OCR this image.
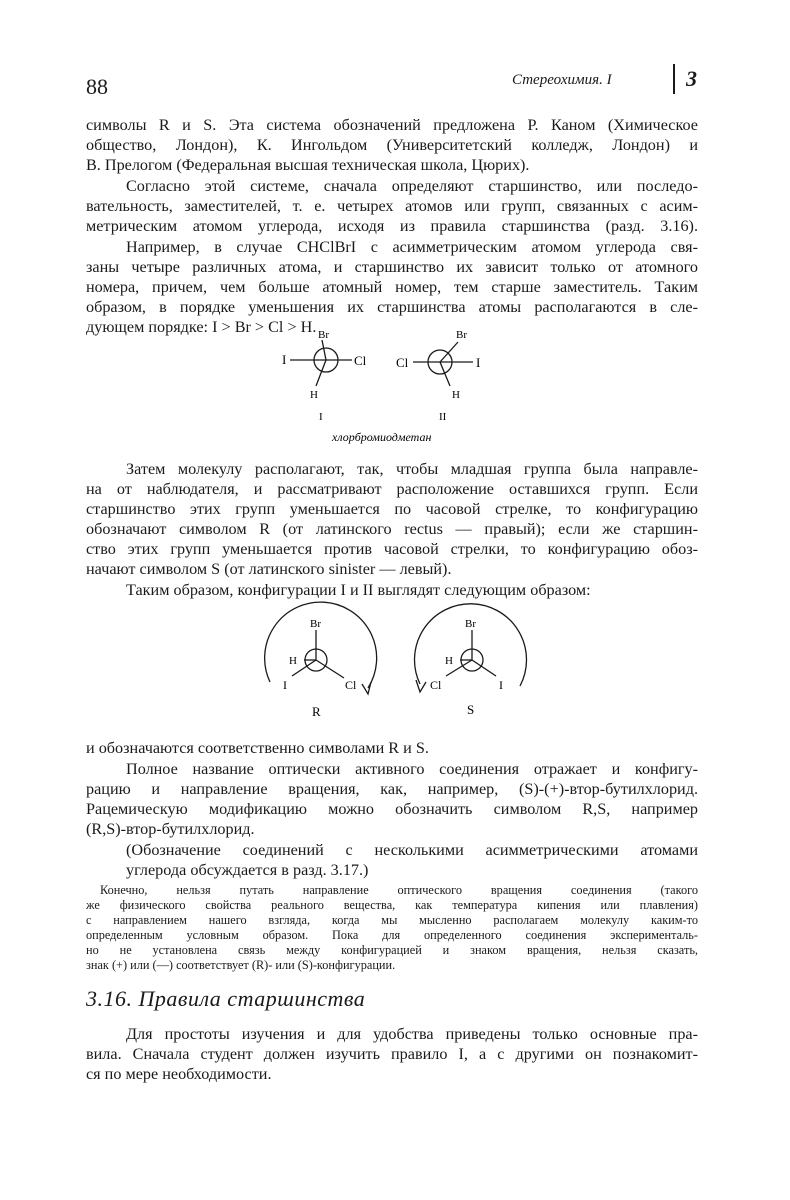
88	Стереохимия. I	3
символы R и S. Эта система обозначений предложена Р. Каном (Химическое
общество, Лондон), К. Ингольдом (Университетский колледж, Лондон) и
В. Прелогом (Федеральная высшая техническая школа, Цюрих).
Согласно этой системе, сначала определяют старшинство, или последо-
вательность, заместителей, т. е. четырех атомов или групп, связанных с асим-
метрическим атомом углерода, исходя из правила старшинства (разд. 3.16).
Например, в случае CHClBrI с асимметрическим атомом углерода свя-
заны четыре различных атома, и старшинство их зависит только от атомного
номера, причем, чем больше атомный номер, тем старше заместитель. Таким
образом, в порядке уменьшения их старшинства атомы располагаются в сле-
дующем порядке: I > Br > Cl > H. Br
I	Cl
H
I
Br
Cl	I
H
II
хлорбромиодметан
Затем молекулу располагают, так, чтобы младшая группа была направле-
на от наблюдателя, и рассматривают расположение оставшихся групп. Если
старшинство этих групп уменьшается по часовой стрелке, то конфигурацию
обозначают символом R (от латинского rectus — правый); если же старшин-
ство этих групп уменьшается против часовой стрелки, то конфигурацию обоз-
начают символом S (от латинского sinister — левый).
Таким образом, конфигурации I и II выглядят следующим образом:
Br
H
I	Cl
R
Br
H
Cl	I
S
и обозначаются соответственно символами R и S.
Полное название оптически активного соединения отражает и конфигу-
рацию и направление вращения, как, например, (S)-(+)-втор-бутилхлорид.
Рацемическую модификацию можно обозначить символом R,S, например
(R,S)-втор-бутилхлорид.
(Обозначение соединений с несколькими асимметрическими атомами
углерода обсуждается в разд. 3.17.)
Конечно, нельзя путать направление оптического вращения соединения (такого
же физического свойства реального вещества, как температура кипения или плавления)
с направлением нашего взгляда, когда мы мысленно располагаем молекулу каким-то
определенным условным образом. Пока для определенного соединения эксперименталь-
но не установлена связь между конфигурацией и знаком вращения, нельзя сказать,
знак (+) или (—) соответствует (R)- или (S)-конфигурации.
3.16. Правила старшинства
Для простоты изучения и для удобства приведены только основные пра-
вила. Сначала студент должен изучить правило I, а с другими он познакомит-
ся по мере необходимости.
